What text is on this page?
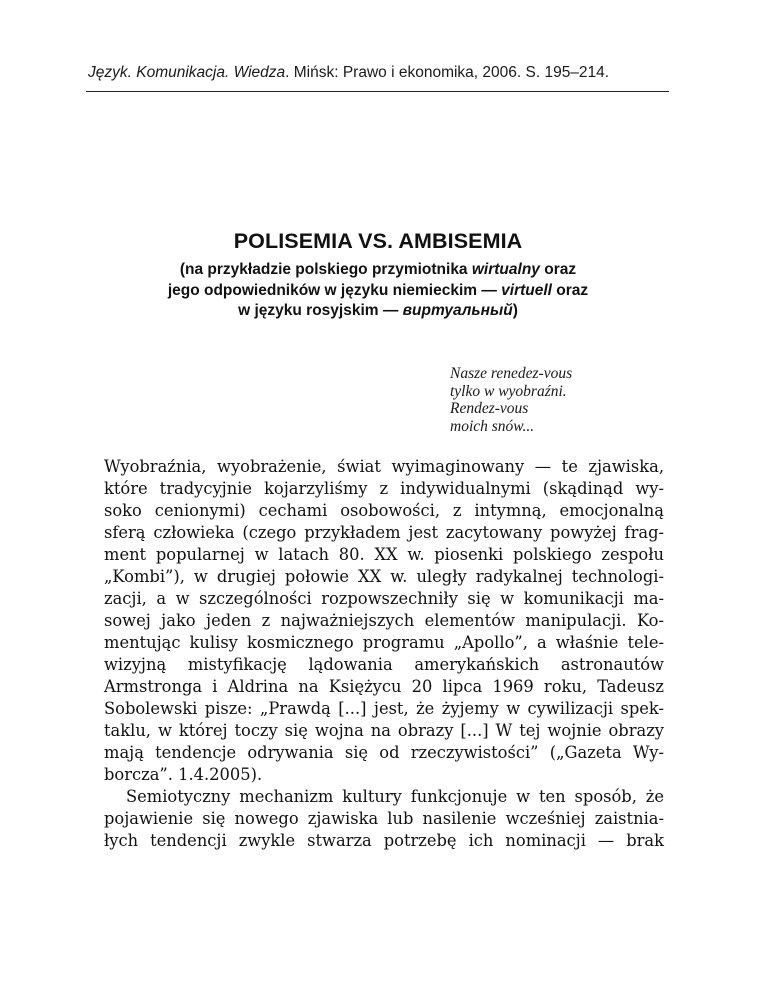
Język. Komunikacja. Wiedza. Mińsk: Prawo i ekonomika, 2006. S. 195–214.
POLISEMIA VS. AMBISEMIA
(na przykładzie polskiego przymiotnika wirtualny oraz
jego odpowiedników w języku niemieckim — virtuell oraz
w języku rosyjskim — виртуальный)
Nasze renedez-vous
tylko w wyobraźni.
Rendez-vous
moich snów...
Wyobraźnia, wyobrażenie, świat wyimaginowany — te zjawiska,
które tradycyjnie kojarzyliśmy z indywidualnymi (skądinąd wy-
soko cenionymi) cechami osobowości, z intymną, emocjonalną
sferą człowieka (czego przykładem jest zacytowany powyżej frag-
ment popularnej w latach 80. XX w. piosenki polskiego zespołu
„Kombi”), w drugiej połowie XX w. uległy radykalnej technologi-
zacji, a w szczególności rozpowszechniły się w komunikacji ma-
sowej jako jeden z najważniejszych elementów manipulacji. Ko-
mentując kulisy kosmicznego programu „Apollo”, a właśnie tele-
wizyjną mistyfikację lądowania amerykańskich astronautów
Armstronga i Aldrina na Księżycu 20 lipca 1969 roku, Tadeusz
Sobolewski pisze: „Prawdą [...] jest, że żyjemy w cywilizacji spek-
taklu, w której toczy się wojna na obrazy [...] W tej wojnie obrazy
mają tendencje odrywania się od rzeczywistości” („Gazeta Wy-
borcza”. 1.4.2005).
Semiotyczny mechanizm kultury funkcjonuje w ten sposób, że
pojawienie się nowego zjawiska lub nasilenie wcześniej zaistnia-
łych tendencji zwykle stwarza potrzebę ich nominacji — brak
